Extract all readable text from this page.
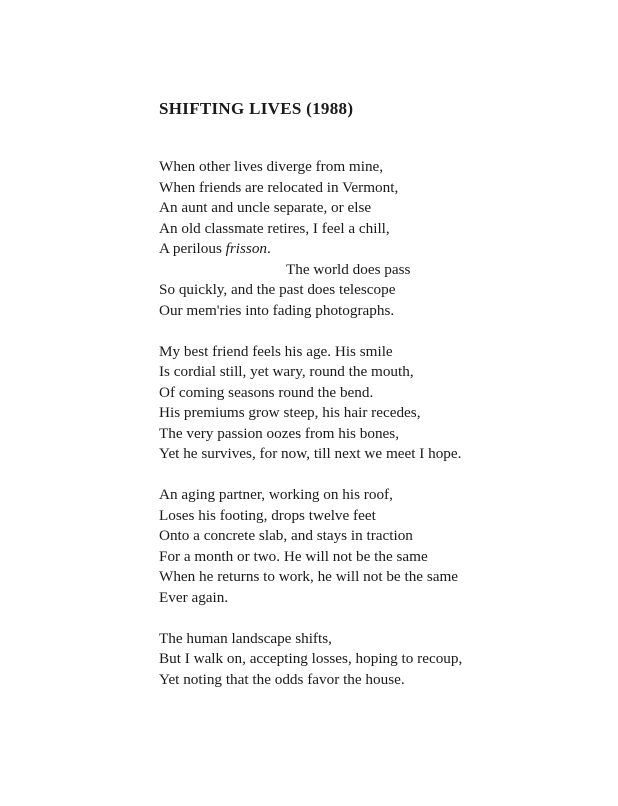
SHIFTING LIVES (1988)
When other lives diverge from mine,
When friends are relocated in Vermont,
An aunt and uncle separate, or else
An old classmate retires, I feel a chill,
A perilous frisson.
The world does pass
So quickly, and the past does telescope
Our mem'ries into fading photographs.
My best friend feels his age. His smile
Is cordial still, yet wary, round the mouth,
Of coming seasons round the bend.
His premiums grow steep, his hair recedes,
The very passion oozes from his bones,
Yet he survives, for now, till next we meet I hope.
An aging partner, working on his roof,
Loses his footing, drops twelve feet
Onto a concrete slab, and stays in traction
For a month or two. He will not be the same
When he returns to work, he will not be the same
Ever again.
The human landscape shifts,
But I walk on, accepting losses, hoping to recoup,
Yet noting that the odds favor the house.
